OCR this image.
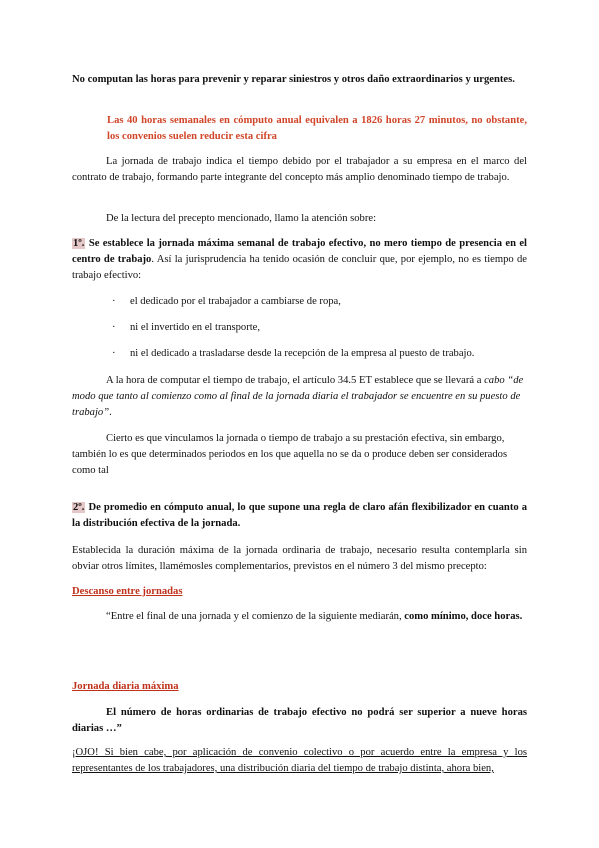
No computan las horas para prevenir y reparar siniestros y otros daño extraordinarios y urgentes.

Las 40 horas semanales en cómputo anual equivalen a 1826 horas 27 minutos, no obstante, los convenios suelen reducir esta cifra

La jornada de trabajo indica el tiempo debido por el trabajador a su empresa en el marco del contrato de trabajo, formando parte integrante del concepto más amplio denominado tiempo de trabajo.

De la lectura del precepto mencionado, llamo la atención sobre:

1º. Se establece la jornada máxima semanal de trabajo efectivo, no mero tiempo de presencia en el centro de trabajo. Así la jurisprudencia ha tenido ocasión de concluir que, por ejemplo, no es tiempo de trabajo efectivo:

· el dedicado por el trabajador a cambiarse de ropa,
· ni el invertido en el transporte,
· ni el dedicado a trasladarse desde la recepción de la empresa al puesto de trabajo.

A la hora de computar el tiempo de trabajo, el artículo 34.5 ET establece que se llevará a cabo “de modo que tanto al comienzo como al final de la jornada diaria el trabajador se encuentre en su puesto de trabajo”.

Cierto es que vinculamos la jornada o tiempo de trabajo a su prestación efectiva, sin embargo, también lo es que determinados periodos en los que aquella no se da o produce deben ser considerados como tal

2º. De promedio en cómputo anual, lo que supone una regla de claro afán flexibilizador en cuanto a la distribución efectiva de la jornada.

Establecida la duración máxima de la jornada ordinaria de trabajo, necesario resulta contemplarla sin obviar otros límites, llamémosles complementarios, previstos en el número 3 del mismo precepto:

Descanso entre jornadas

“Entre el final de una jornada y el comienzo de la siguiente mediarán, como mínimo, doce horas.

Jornada diaria máxima

El número de horas ordinarias de trabajo efectivo no podrá ser superior a nueve horas diarias …”

¡OJO! Si bien cabe, por aplicación de convenio colectivo o por acuerdo entre la empresa y los representantes de los trabajadores, una distribución diaria del tiempo de trabajo distinta, ahora bien,
